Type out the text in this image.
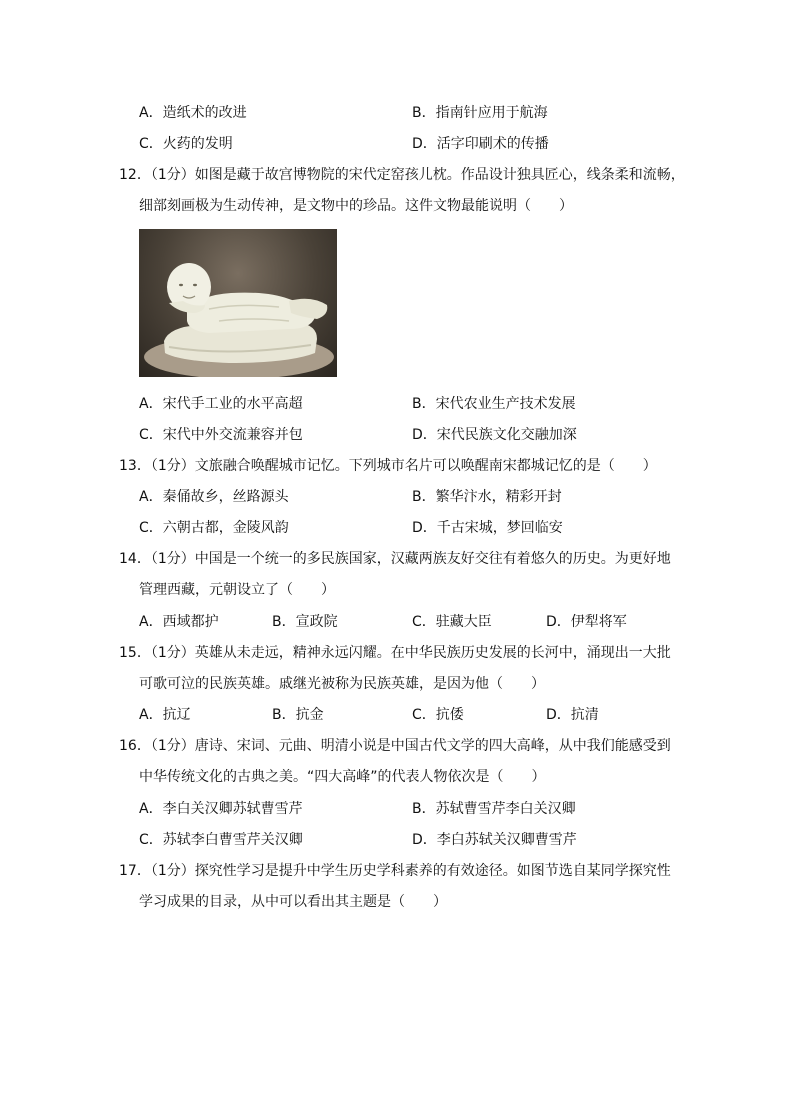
A．造纸术的改进	B．指南针应用于航海
C．火药的发明	D．活字印刷术的传播
12．（1分）如图是藏于故宫博物院的宋代定窑孩儿枕。作品设计独具匠心，线条柔和流畅，
细部刻画极为生动传神，是文物中的珍品。这件文物最能说明（　　）
A．宋代手工业的水平高超	B．宋代农业生产技术发展
C．宋代中外交流兼容并包	D．宋代民族文化交融加深
13．（1分）文旅融合唤醒城市记忆。下列城市名片可以唤醒南宋都城记忆的是（　　）
A．秦俑故乡，丝路源头	B．繁华汴水，精彩开封
C．六朝古都，金陵风韵	D．千古宋城，梦回临安
14．（1分）中国是一个统一的多民族国家，汉藏两族友好交往有着悠久的历史。为更好地
管理西藏，元朝设立了（　　）
A．西域都护	B．宣政院	C．驻藏大臣	D．伊犁将军
15．（1分）英雄从未走远，精神永远闪耀。在中华民族历史发展的长河中，涌现出一大批
可歌可泣的民族英雄。戚继光被称为民族英雄，是因为他（　　）
A．抗辽	B．抗金	C．抗倭	D．抗清
16．（1分）唐诗、宋词、元曲、明清小说是中国古代文学的四大高峰，从中我们能感受到
中华传统文化的古典之美。“四大高峰”的代表人物依次是（　　）
A．李白关汉卿苏轼曹雪芹	B．苏轼曹雪芹李白关汉卿
C．苏轼李白曹雪芹关汉卿	D．李白苏轼关汉卿曹雪芹
17．（1分）探究性学习是提升中学生历史学科素养的有效途径。如图节选自某同学探究性
学习成果的目录，从中可以看出其主题是（　　）
